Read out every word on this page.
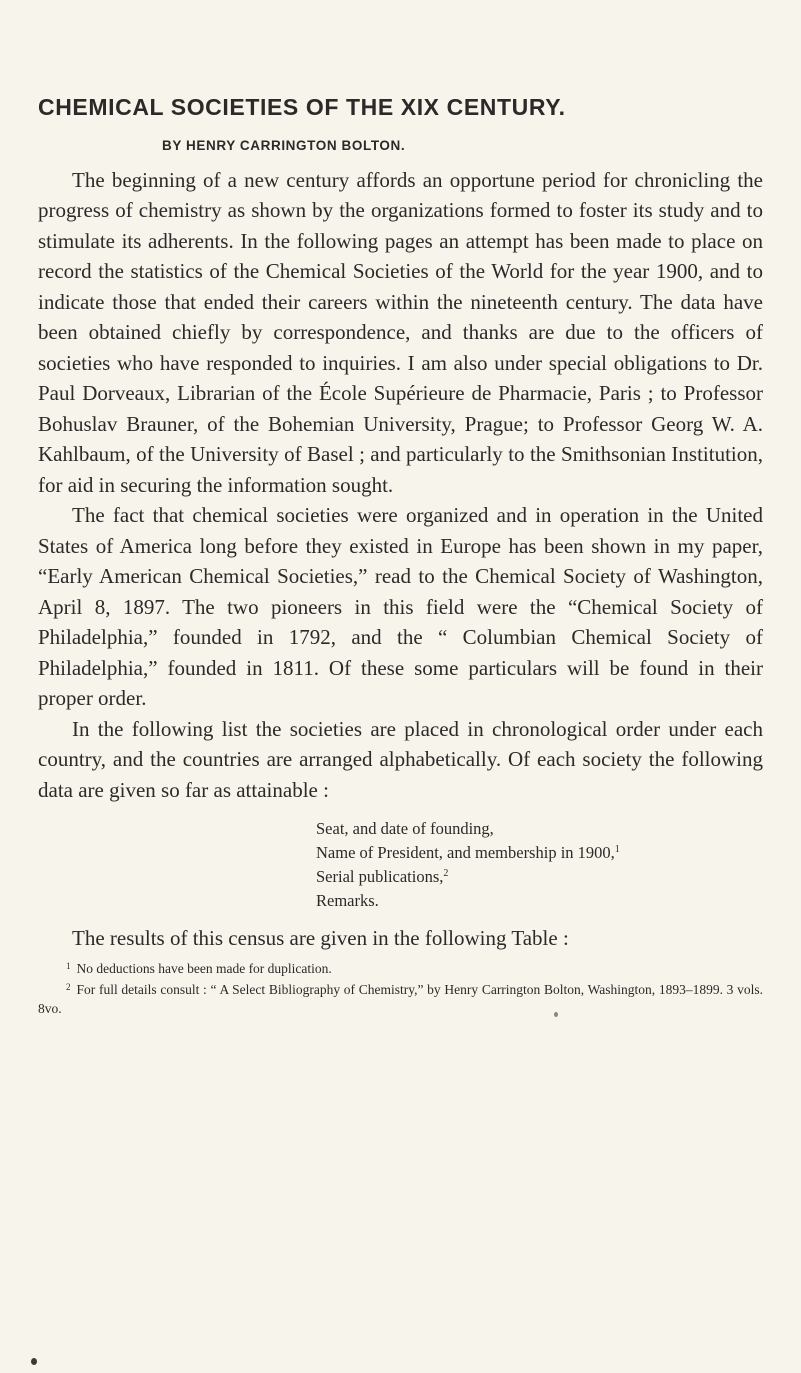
CHEMICAL SOCIETIES OF THE XIX CENTURY.
BY HENRY CARRINGTON BOLTON.

The beginning of a new century affords an opportune period for chronicling the progress of chemistry as shown by the organizations formed to foster its study and to stimulate its adherents. In the following pages an attempt has been made to place on record the statistics of the Chemical Societies of the World for the year 1900, and to indicate those that ended their careers within the nineteenth century. The data have been obtained chiefly by correspondence, and thanks are due to the officers of societies who have responded to inquiries. I am also under special obligations to Dr. Paul Dorveaux, Librarian of the École Supérieure de Pharmacie, Paris ; to Professor Bohuslav Brauner, of the Bohemian University, Prague; to Professor Georg W. A. Kahlbaum, of the University of Basel ; and particularly to the Smithsonian Institution, for aid in securing the information sought.

The fact that chemical societies were organized and in operation in the United States of America long before they existed in Europe has been shown in my paper, “Early American Chemical Societies,” read to the Chemical Society of Washington, April 8, 1897. The two pioneers in this field were the “Chemical Society of Philadelphia,” founded in 1792, and the “ Columbian Chemical Society of Philadelphia,” founded in 1811. Of these some particulars will be found in their proper order.

In the following list the societies are placed in chronological order under each country, and the countries are arranged alphabetically. Of each society the following data are given so far as attainable :

Seat, and date of founding,
Name of President, and membership in 1900,$^1$
Serial publications,$^2$
Remarks.

The results of this census are given in the following Table :

$^1$ No deductions have been made for duplication.

$^2$ For full details consult : “ A Select Bibliography of Chemistry,” by Henry Carrington Bolton, Washington, 1893–1899. 3 vols. 8vo.
